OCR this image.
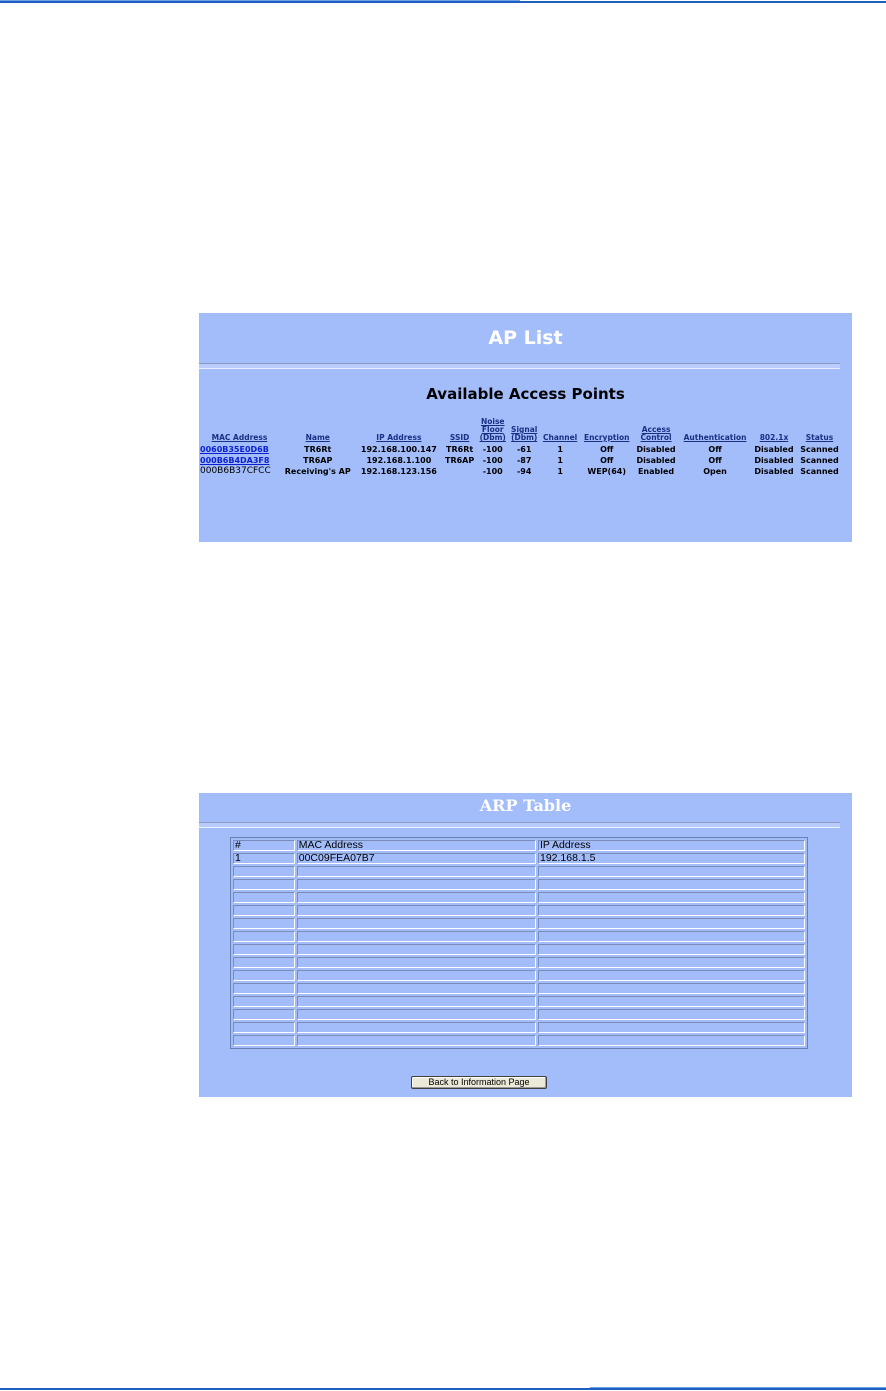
AP List
Available Access Points
MAC Address	Name	IP Address	SSID	Noise
Floor
(Dbm)	Signal
(Dbm)	Channel	Encryption	Access
Control	Authentication	802.1x	Status
0060B35E0D6B	TR6Rt	192.168.100.147	TR6Rt	-100	-61	1	Off	Disabled	Off	Disabled	Scanned
000B6B4DA3F8	TR6AP	192.168.1.100	TR6AP	-100	-87	1	Off	Disabled	Off	Disabled	Scanned
000B6B37CFCC	Receiving's AP	192.168.123.156		-100	-94	1	WEP(64)	Enabled	Open	Disabled	Scanned
ARP Table
#	MAC Address	IP Address
1	00C09FEA07B7	192.168.1.5

Back to Information Page
